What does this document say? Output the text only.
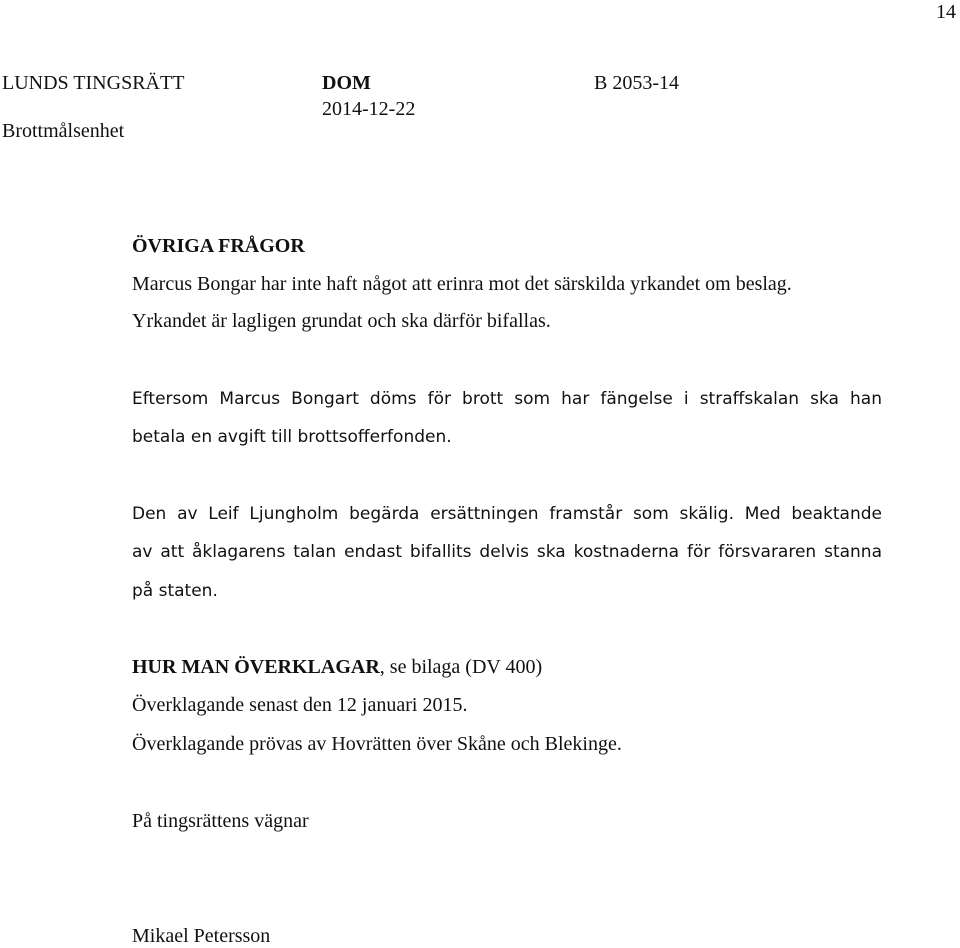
14
LUNDS TINGSRÄTT
Brottmålsenhet
DOM
2014-12-22
B 2053-14
ÖVRIGA FRÅGOR
Marcus Bongar har inte haft något att erinra mot det särskilda yrkandet om beslag.
Yrkandet är lagligen grundat och ska därför bifallas.
Eftersom Marcus Bongart döms för brott som har fängelse i straffskalan ska han
betala en avgift till brottsofferfonden.
Den av Leif Ljungholm begärda ersättningen framstår som skälig. Med beaktande
av att åklagarens talan endast bifallits delvis ska kostnaderna för försvararen stanna
på staten.
HUR MAN ÖVERKLAGAR, se bilaga (DV 400)
Överklagande senast den 12 januari 2015.
Överklagande prövas av Hovrätten över Skåne och Blekinge.
På tingsrättens vägnar
Mikael Petersson
